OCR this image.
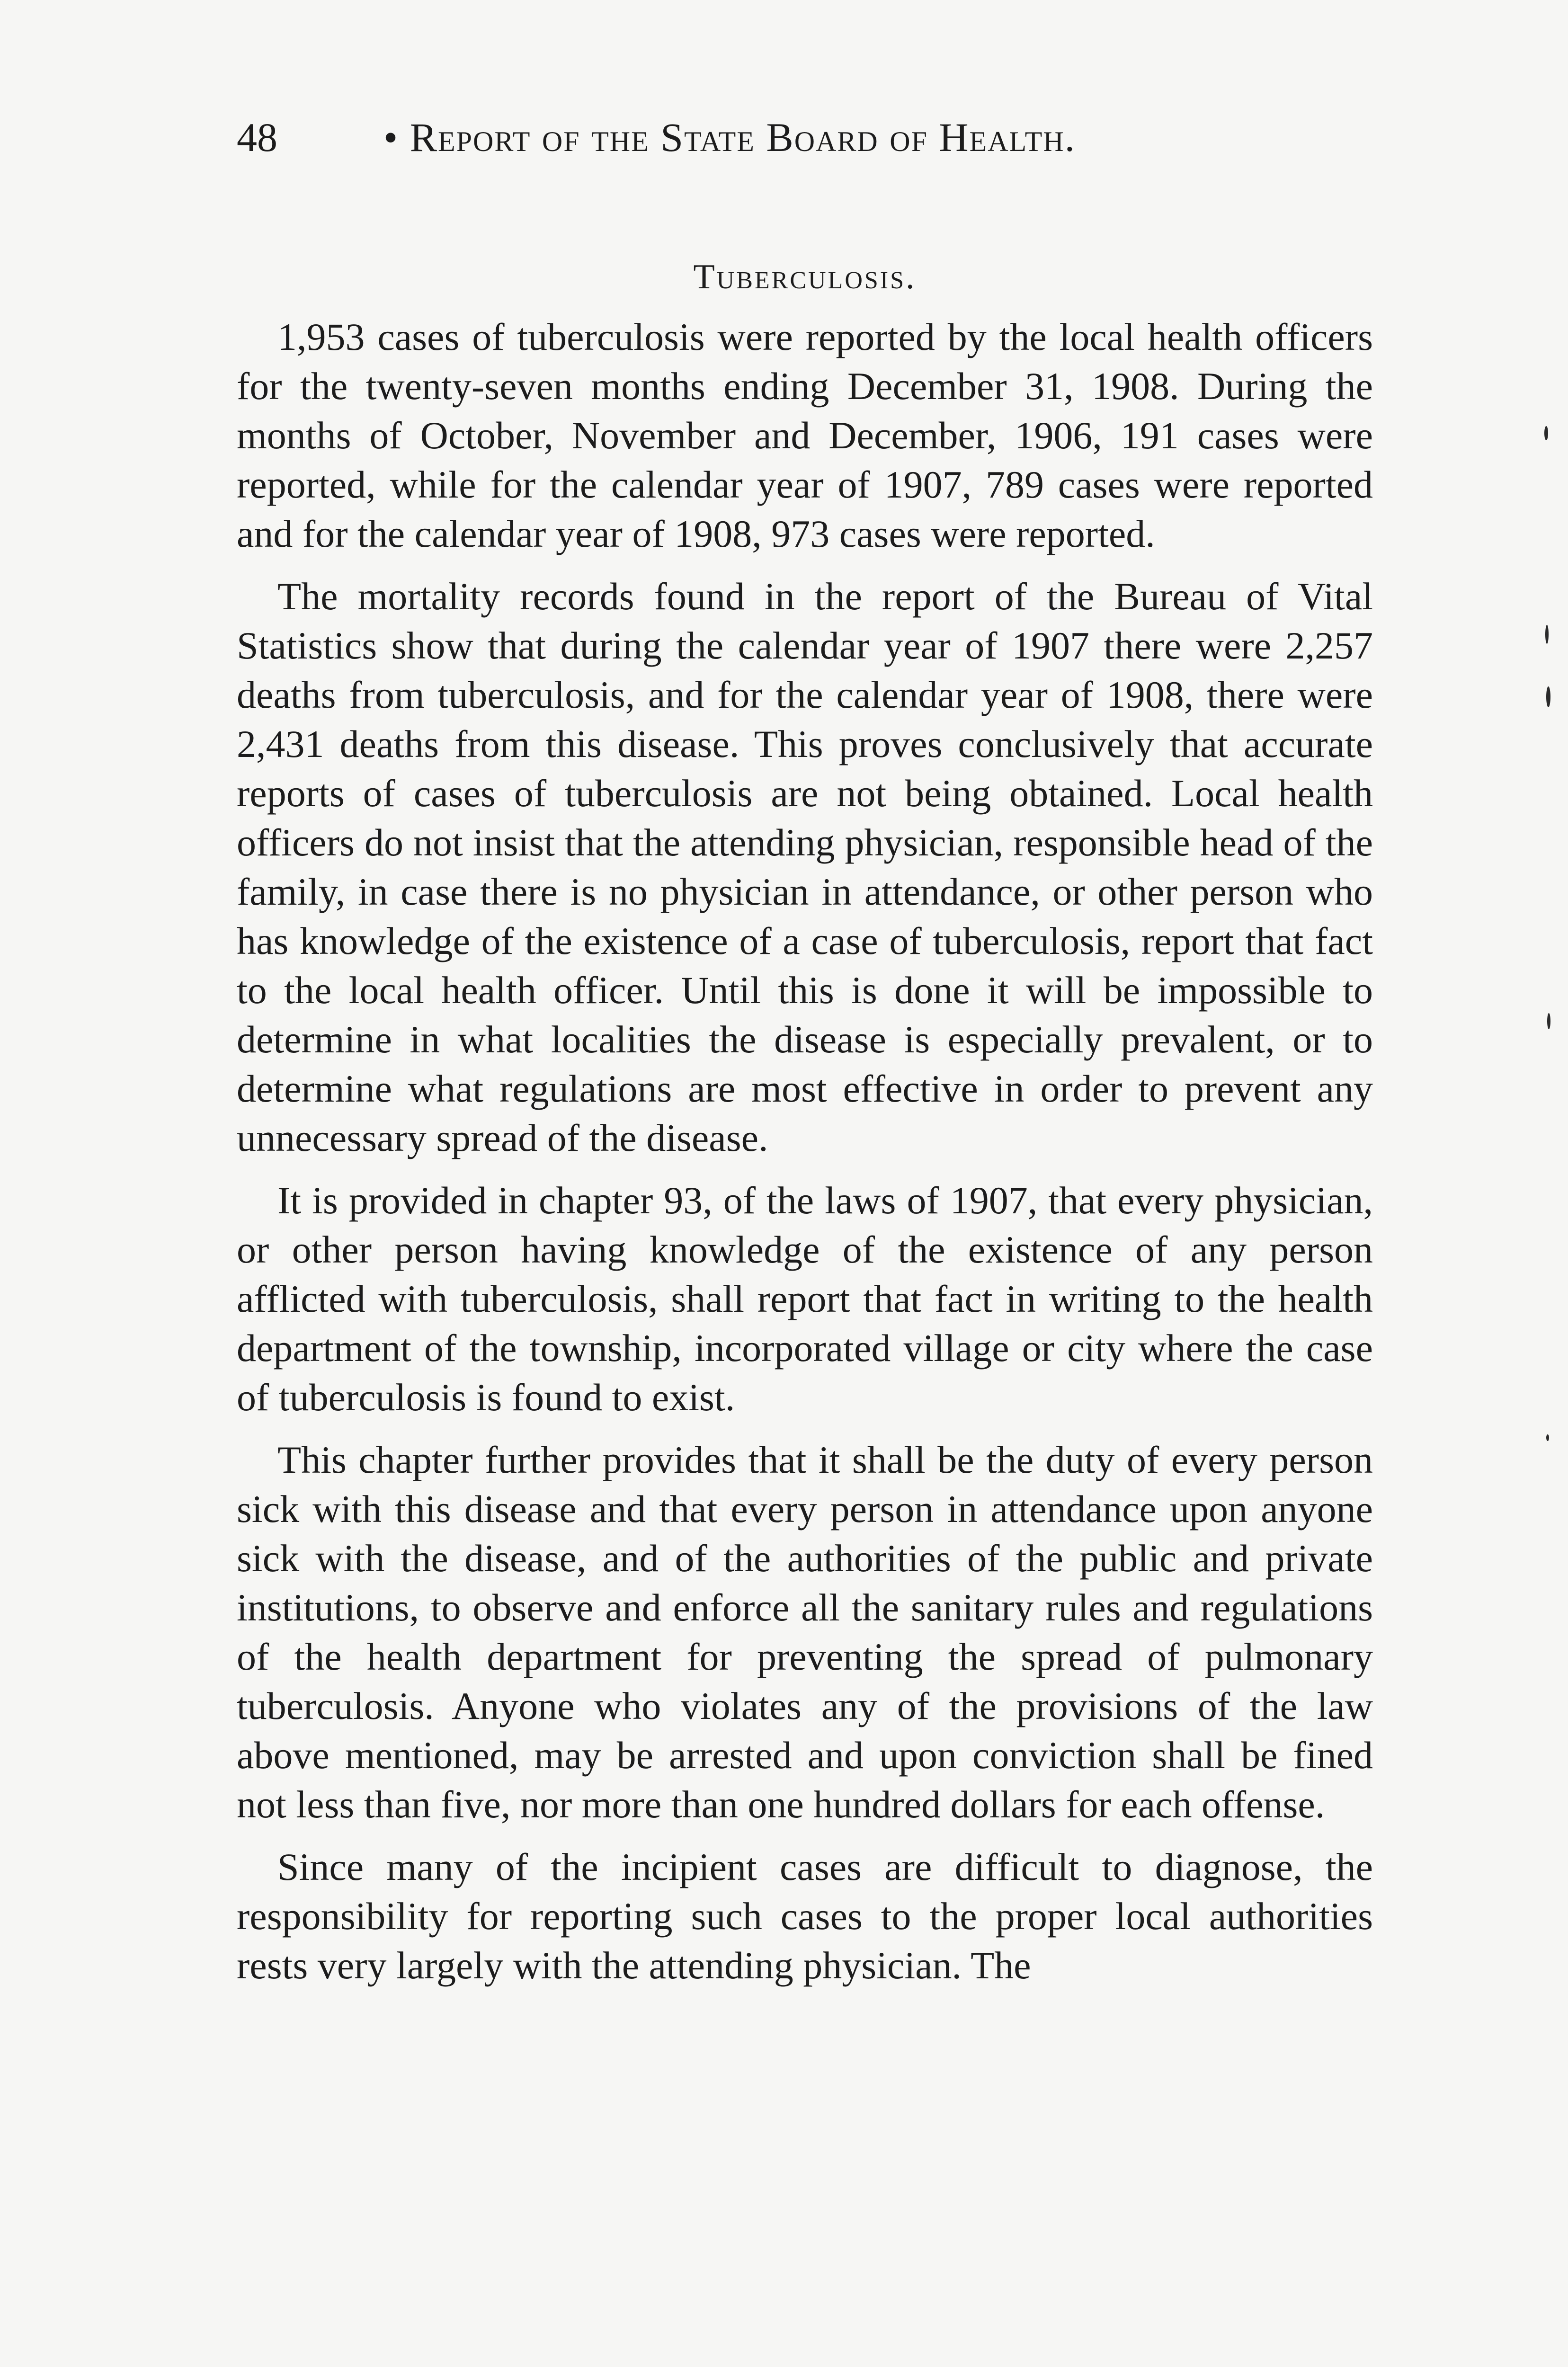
48	• Report of the State Board of Health.
Tuberculosis.

1,953 cases of tuberculosis were reported by the local health officers for the twenty-seven months ending December 31, 1908. During the months of October, November and December, 1906, 191 cases were reported, while for the calendar year of 1907, 789 cases were reported and for the calendar year of 1908, 973 cases were reported.

The mortality records found in the report of the Bureau of Vital Statistics show that during the calendar year of 1907 there were 2,257 deaths from tuberculosis, and for the calendar year of 1908, there were 2,431 deaths from this disease. This proves conclusively that accurate reports of cases of tuberculosis are not being obtained. Local health officers do not insist that the attending physician, responsible head of the family, in case there is no physician in attendance, or other person who has knowledge of the existence of a case of tuberculosis, report that fact to the local health officer. Until this is done it will be impossible to determine in what localities the disease is especially prevalent, or to determine what regulations are most effective in order to prevent any unnecessary spread of the disease.

It is provided in chapter 93, of the laws of 1907, that every physician, or other person having knowledge of the existence of any person afflicted with tuberculosis, shall report that fact in writing to the health department of the township, incorporated village or city where the case of tuberculosis is found to exist.

This chapter further provides that it shall be the duty of every person sick with this disease and that every person in attendance upon anyone sick with the disease, and of the authorities of the public and private institutions, to observe and enforce all the sanitary rules and regulations of the health department for preventing the spread of pulmonary tuberculosis. Anyone who violates any of the provisions of the law above mentioned, may be arrested and upon conviction shall be fined not less than five, nor more than one hundred dollars for each offense.

Since many of the incipient cases are difficult to diagnose, the responsibility for reporting such cases to the proper local authorities rests very largely with the attending physician. The
